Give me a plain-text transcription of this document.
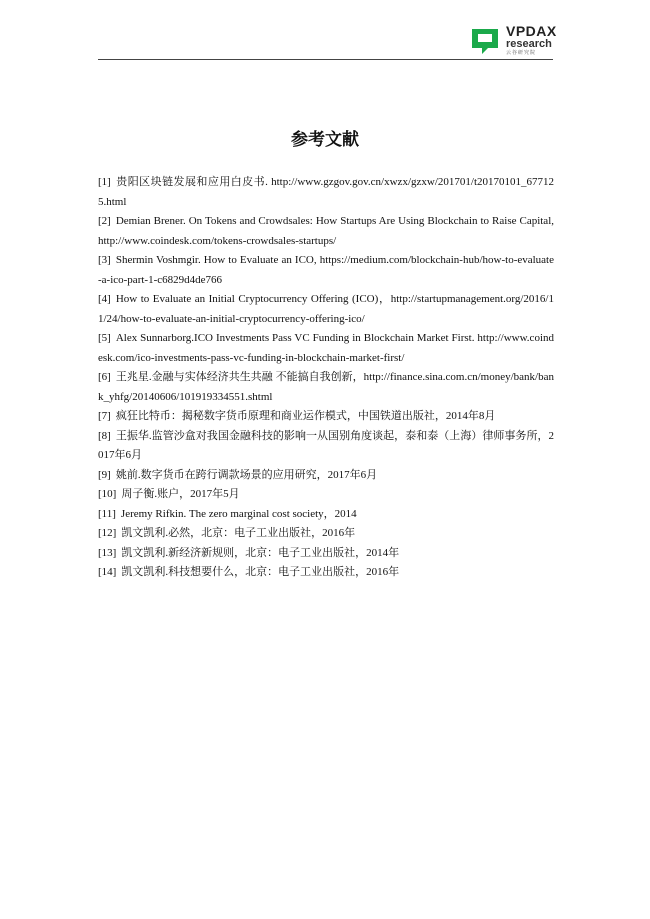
VPDAX
research
云谷研究院
参考文献
[1] 贵阳区块链发展和应用白皮书. http://www.gzgov.gov.cn/xwzx/gzxw/201701/t20170101_677125.html
[2] Demian Brener. On Tokens and Crowdsales: How Startups Are Using Blockchain to Raise Capital, http://www.coindesk.com/tokens-crowdsales-startups/
[3] Shermin Voshmgir. How to Evaluate an ICO, https://medium.com/blockchain-hub/how-to-evaluate-a-ico-part-1-c6829d4de766
[4] How to Evaluate an Initial Cryptocurrency Offering (ICO)，http://startupmanagement.org/2016/11/24/how-to-evaluate-an-initial-cryptocurrency-offering-ico/
[5] Alex Sunnarborg.ICO Investments Pass VC Funding in Blockchain Market First. http://www.coindesk.com/ico-investments-pass-vc-funding-in-blockchain-market-first/
[6] 王兆星.金融与实体经济共生共融 不能搞自我创新，http://finance.sina.com.cn/money/bank/bank_yhfg/20140606/101919334551.shtml
[7] 疯狂比特币：揭秘数字货币原理和商业运作模式，中国铁道出版社，2014年8月
[8] 王振华.监管沙盒对我国金融科技的影响一从国别角度谈起，泰和泰（上海）律师事务所，2017年6月
[9] 姚前.数字货币在跨行调款场景的应用研究，2017年6月
[10] 周子衡.账户，2017年5月
[11] Jeremy Rifkin. The zero marginal cost society，2014
[12] 凯文凯利.必然，北京：电子工业出版社，2016年
[13] 凯文凯利.新经济新规则，北京：电子工业出版社，2014年
[14] 凯文凯利.科技想要什么，北京：电子工业出版社，2016年
